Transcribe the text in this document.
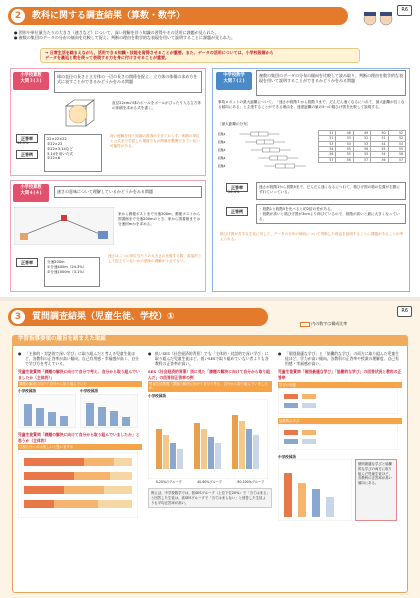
R6
2	教科に関する調査結果（算数・数学）
● 図形や単位量当たりの大きさ（速さなど）について、深い理解を伴う知識の習得やその活用に課題が見られた。
● 複数の集団のデータの分布の傾向を比較して捉え、判断の理由を数学的な表現を用いて説明することに課題が見られた。
→ 日常生活を踏まえながら、活用できる知識・技能を習得させることが重要。また、データの活用については、小学校段階から
データを裏返と数を使って表現する力を身に付けさせることが重要。
小学校算数
大問３(３)
球の直径の長さと立方体の一辺の長さの関係を捉え、立方体の体積の求め方を式に表すことができるかどうかをみる問題
直径22cmの球のボールをボールがぴったり入る立方体の体積を求める式を書く。
正答率
36.9%
正答例
22×22×22
②22×22
②22×3.14など
3.14を用いた式
②22×6
深い理解を伴う知識の習得ができておらず、体積の単位と公式まで学習した場面でもの関係を整理できていない可能性がある。
小学校算数
大問４(４)	速さの意味について理解しているかどうかをみる問題
家から郵便ポストまで分速200m、郵便ポストから図書館まで分速200mのとき、家から図書館までは分速何mかを求める。
正答率	分速200m
①分速400m（24.3%）
②分速1000m（3.1%）
速さは二つの単位当たりの大きさの比較する際、直接的として捉えていないかの意味の理解が十分でない。
中学校数学
大問７(２)
複数の集団のデータの分布の傾向を比較して読み取り、判断の理由を数学的な表現を用いて説明することができるかどうかをみる問題
事故ロボットの最大距離について、「速さが段階１から段階５まで、だんだん速くなるにつれて、最大距離が長くなる傾向にある」と主張することができる理由を、速度距離の値の5つの箱ひげ図を比較して説明する。
［最大距離の分布］
段階1
段階2
段階3
段階4
段階5
51	48	49	50	52
51	53	52	51	52
53	54	53	54	54
54	55	56	55	55
56	55	55	54	56
57	56	57	56	57
正答率
26.4%
速さが段階1から段階5まで、だんだん速くなるにつれて、箱ひげ図の箱の位置が右側にずれていっている。
正答例	・段階1と段階5を比べると約2倍の差がある。
・段階が高いと箱ひげ図が3cmより伸びているので、段階が高いと最に大きくなっている。
箱ひげ図が苦手な生徒に対して、データの分布の傾向について判断した理由を説明することに課題があることが考えられる。
R6
3	質問調査結果（児童生徒、学校）①
内の数字は構成比率
学習指導要領の趣旨を踏まえた取組
● 「主体的・対話的で深い学び」に取り組んだと考える児童生徒ほど、各教科の正答率が高い傾向。自己有用感・幸福感が高く、自分で学び方を考えている。
児童生徒質問「課題の解決に向けて自分で考え、自分から取り組んでいましたか（主体的）」
課題の解決に向けて自分から取り組んでいた
小学校国語	中学校国語
児童生徒質問「課題の解決に向けて自分から取り組んでいましたか」と思うか（主体的）
学校に行くのは楽しいと思いますか
● 低いSES（社会経済的背景）でも「主体的・対話的で深い学び」に取り組んだ児童生徒ほど、低いSESで取り組めていない者よりも各教科の正答率が高い。
SES（社会経済的背景）別に見た「課題の解決に向けて自分から取り組んだ」の回答別正答率の例
児童生徒質問「課題の解決に向けて自分で考え、自分から取り組んでいましたか」
小学校国語
0-20%のグループ	40-60%グループ	80-100%グループ
例えば、中学校数学では、低SESグループ（上位下位20%）で「当てはまる」と回答した生徒は、高SESグループで「当てはまらない」と回答した生徒よりも平均正答率が高い。
● 「個別最適な学び」と「協働的な学び」の両方に取り組んだ児童生徒ほど、学力が高い傾向。各教科の正答率や授業の理解度、自己有用感・幸福感が高い。
児童生徒質問「個別最適な学び」「協働的な学び」の回答状況と教科の正答率
学習の到達
協働的な学び
中学校国語
個別最適な学びと協働的な学びの両方に取り組んだ児童生徒ほど、各教科の正答率が高い傾向にある。
